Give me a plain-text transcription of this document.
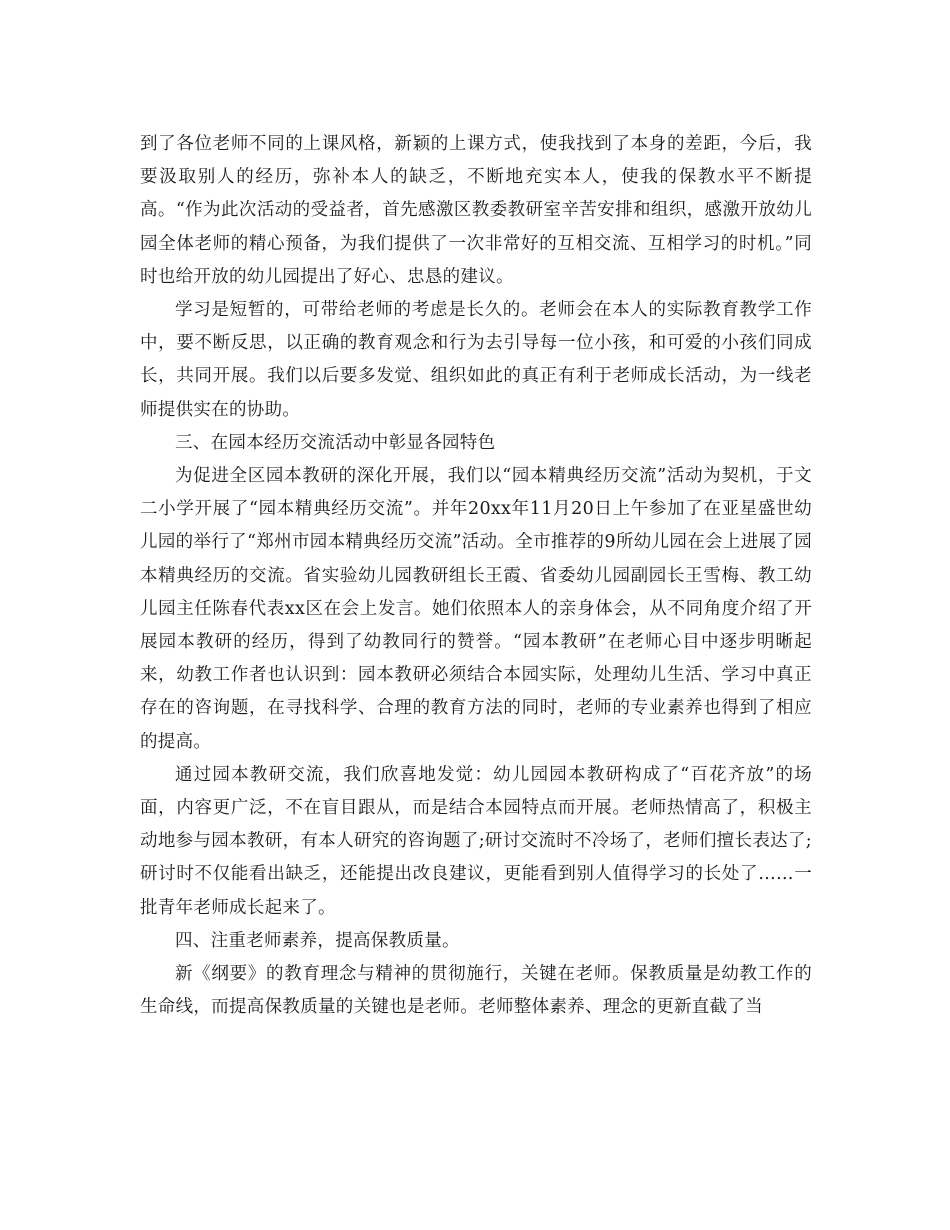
到了各位老师不同的上课风格，新颖的上课方式，使我找到了本身的差距，今后，我要汲取别人的经历，弥补本人的缺乏，不断地充实本人，使我的保教水平不断提高。“作为此次活动的受益者，首先感激区教委教研室辛苦安排和组织，感激开放幼儿园全体老师的精心预备，为我们提供了一次非常好的互相交流、互相学习的时机。”同时也给开放的幼儿园提出了好心、忠恳的建议。

学习是短暂的，可带给老师的考虑是长久的。老师会在本人的实际教育教学工作中，要不断反思，以正确的教育观念和行为去引导每一位小孩，和可爱的小孩们同成长，共同开展。我们以后要多发觉、组织如此的真正有利于老师成长活动，为一线老师提供实在的协助。

三、在园本经历交流活动中彰显各园特色

为促进全区园本教研的深化开展，我们以“园本精典经历交流”活动为契机，于文二小学开展了“园本精典经历交流”。并年20xx年11月20日上午参加了在亚星盛世幼儿园的举行了“郑州市园本精典经历交流”活动。全市推荐的9所幼儿园在会上进展了园本精典经历的交流。省实验幼儿园教研组长王霞、省委幼儿园副园长王雪梅、教工幼儿园主任陈春代表xx区在会上发言。她们依照本人的亲身体会，从不同角度介绍了开展园本教研的经历，得到了幼教同行的赞誉。“园本教研”在老师心目中逐步明晰起来，幼教工作者也认识到：园本教研必须结合本园实际，处理幼儿生活、学习中真正存在的咨询题，在寻找科学、合理的教育方法的同时，老师的专业素养也得到了相应的提高。

通过园本教研交流，我们欣喜地发觉：幼儿园园本教研构成了“百花齐放”的场面，内容更广泛，不在盲目跟从，而是结合本园特点而开展。老师热情高了，积极主动地参与园本教研，有本人研究的咨询题了;研讨交流时不冷场了，老师们擅长表达了;研讨时不仅能看出缺乏，还能提出改良建议，更能看到别人值得学习的长处了……一批青年老师成长起来了。

四、注重老师素养，提高保教质量。

新《纲要》的教育理念与精神的贯彻施行，关键在老师。保教质量是幼教工作的生命线，而提高保教质量的关键也是老师。老师整体素养、理念的更新直截了当
